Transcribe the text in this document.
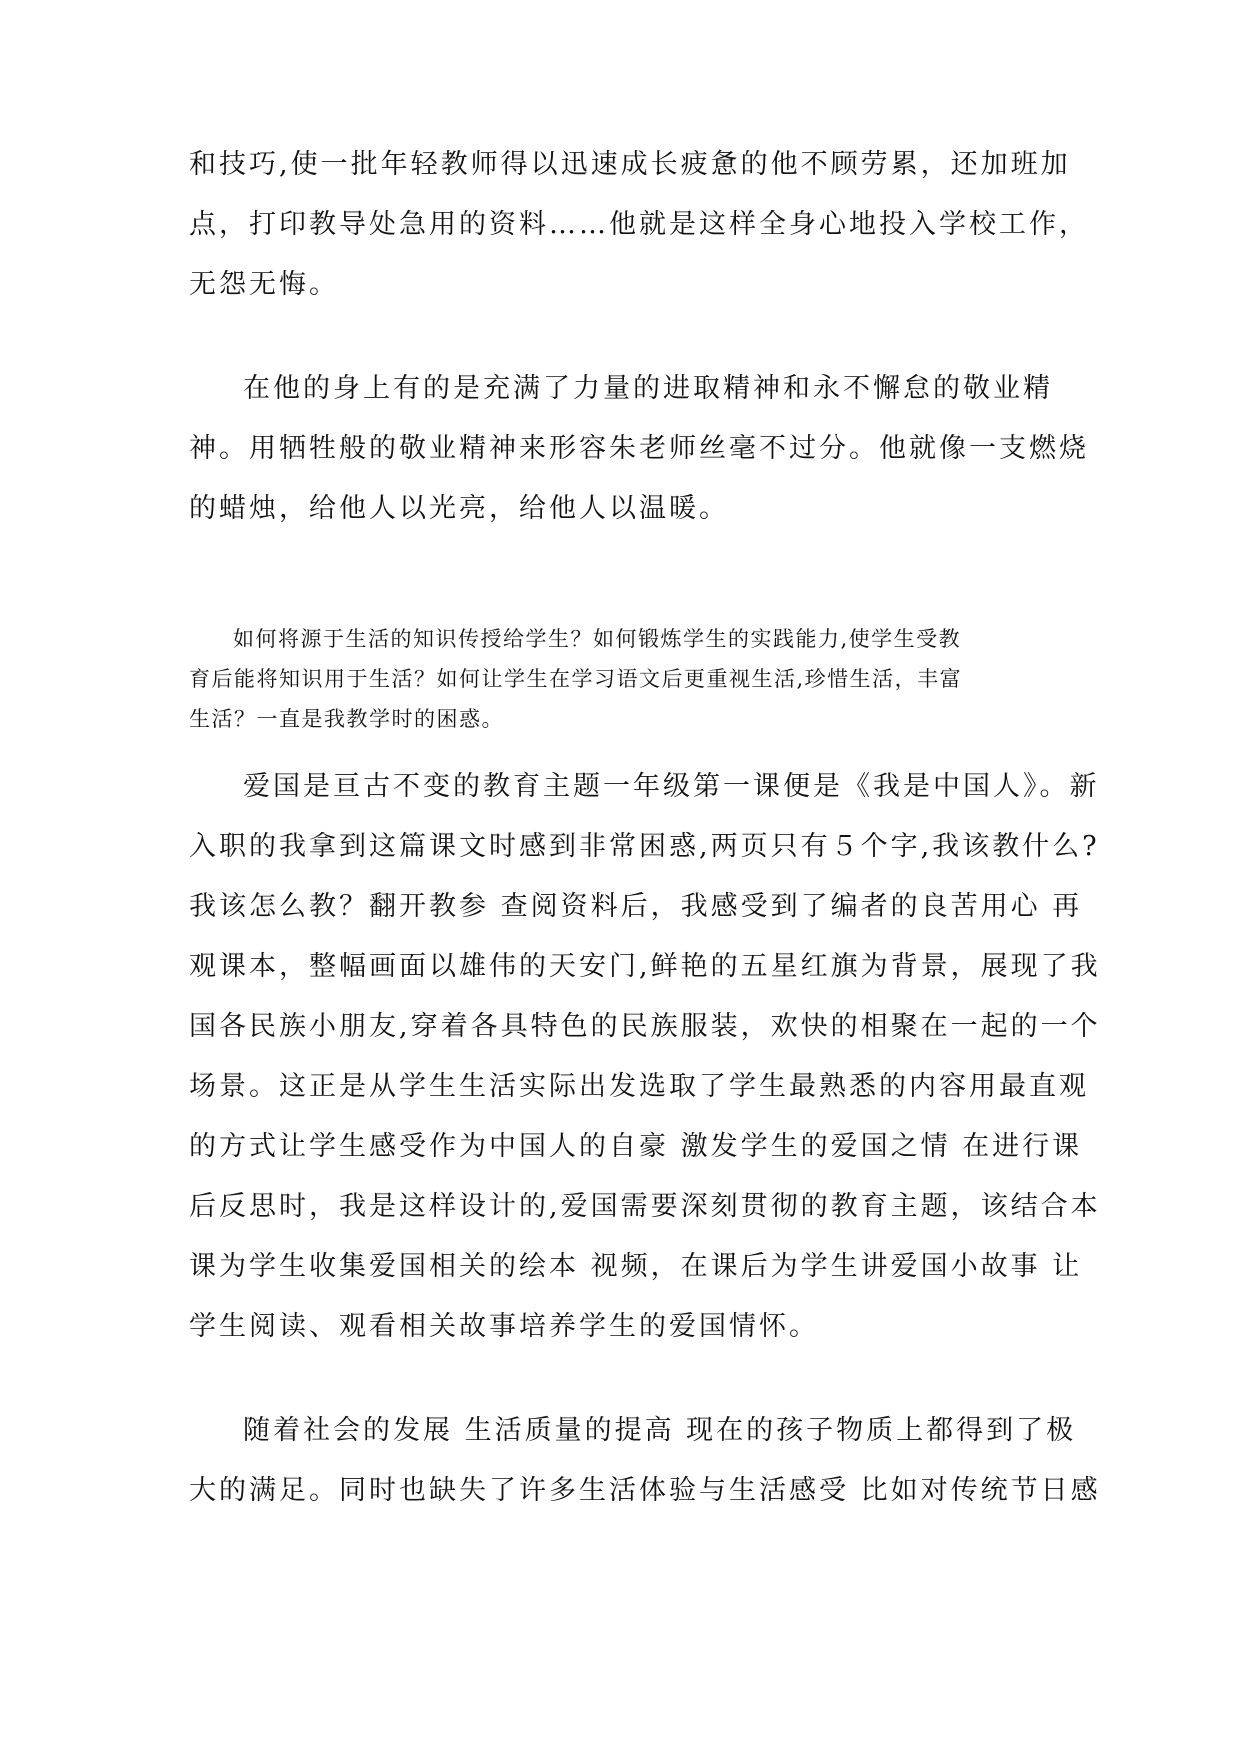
和技巧,使一批年轻教师得以迅速成长疲惫的他不顾劳累，还加班加
点，打印教导处急用的资料……他就是这样全身心地投入学校工作，
无怨无悔。
在他的身上有的是充满了力量的进取精神和永不懈怠的敬业精
神。用牺牲般的敬业精神来形容朱老师丝毫不过分。他就像一支燃烧
的蜡烛，给他人以光亮，给他人以温暖。
如何将源于生活的知识传授给学生？如何锻炼学生的实践能力,使学生受教
育后能将知识用于生活？如何让学生在学习语文后更重视生活,珍惜生活，丰富
生活？一直是我教学时的困惑。
爱国是亘古不变的教育主题一年级第一课便是《我是中国人》。新
入职的我拿到这篇课文时感到非常困惑,两页只有５个字,我该教什么?
我该怎么教？翻开教参 查阅资料后，我感受到了编者的良苦用心 再
观课本，整幅画面以雄伟的天安门,鲜艳的五星红旗为背景，展现了我
国各民族小朋友,穿着各具特色的民族服装，欢快的相聚在一起的一个
场景。这正是从学生生活实际出发选取了学生最熟悉的内容用最直观
的方式让学生感受作为中国人的自豪 激发学生的爱国之情 在进行课
后反思时，我是这样设计的,爱国需要深刻贯彻的教育主题，该结合本
课为学生收集爱国相关的绘本 视频，在课后为学生讲爱国小故事 让
学生阅读、观看相关故事培养学生的爱国情怀。
随着社会的发展 生活质量的提高 现在的孩子物质上都得到了极
大的满足。同时也缺失了许多生活体验与生活感受 比如对传统节日感
